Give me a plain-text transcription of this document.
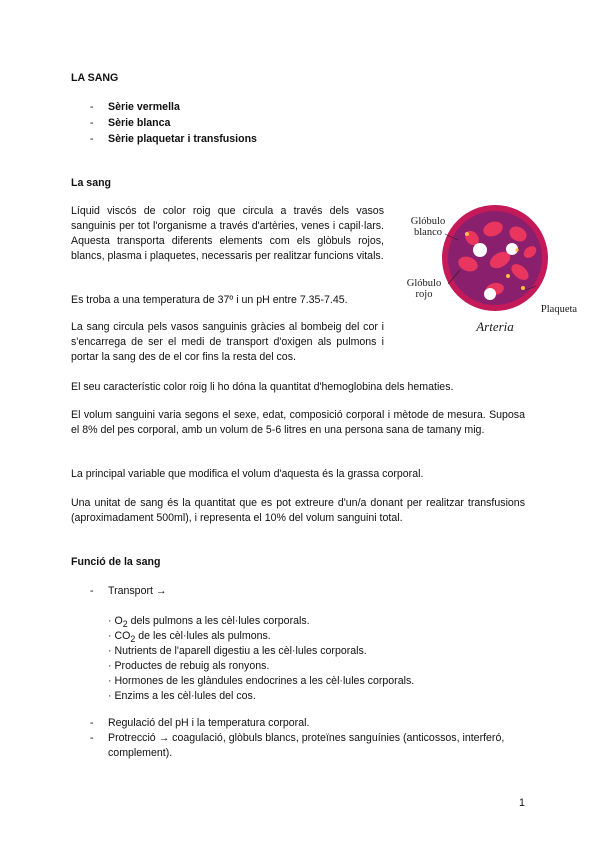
LA SANG
-	Sèrie vermella
-	Sèrie blanca
-	Sèrie plaquetar i transfusions
La sang
Líquid viscós de color roig que circula a través dels vasos sanguinis per tot l'organisme a través d'artèries, venes i capil·lars. Aquesta transporta diferents elements com els glòbuls rojos, blancs, plasma i plaquetes, necessaris per realitzar funcions vitals.
Es troba a una temperatura de 37º i un pH entre 7.35-7.45.
La sang circula pels vasos sanguinis gràcies al bombeig del cor i s'encarrega de ser el medi de transport d'oxigen als pulmons i portar la sang des de el cor fins la resta del cos.
El seu característic color roig li ho dóna la quantitat d'hemoglobina dels hematies.
El volum sanguini varia segons el sexe, edat, composició corporal i mètode de mesura. Suposa el 8% del pes corporal, amb un volum de 5-6 litres en una persona sana de tamany mig.
La principal variable que modifica el volum d'aquesta és la grassa corporal.
Una unitat de sang és la quantitat que es pot extreure d'un/a donant per realitzar transfusions (aproximadament 500ml), i representa el 10% del volum sanguini total.
Glóbulo
blanco
Glóbulo
rojo
Plaqueta
Arteria
Funció de la sang
-	Transport →
· $O_2$ dels pulmons a les cèl·lules corporals.
· $CO_2$ de les cèl·lules als pulmons.
· Nutrients de l'aparell digestiu a les cèl·lules corporals.
· Productes de rebuig als ronyons.
· Hormones de les glàndules endocrines a les cèl·lules corporals.
· Enzims a les cèl·lules del cos.
-	Regulació del pH i la temperatura corporal.
-	Protrecció → coagulació, glòbuls blancs, proteïnes sanguínies (anticossos, interferó, complement).
1
